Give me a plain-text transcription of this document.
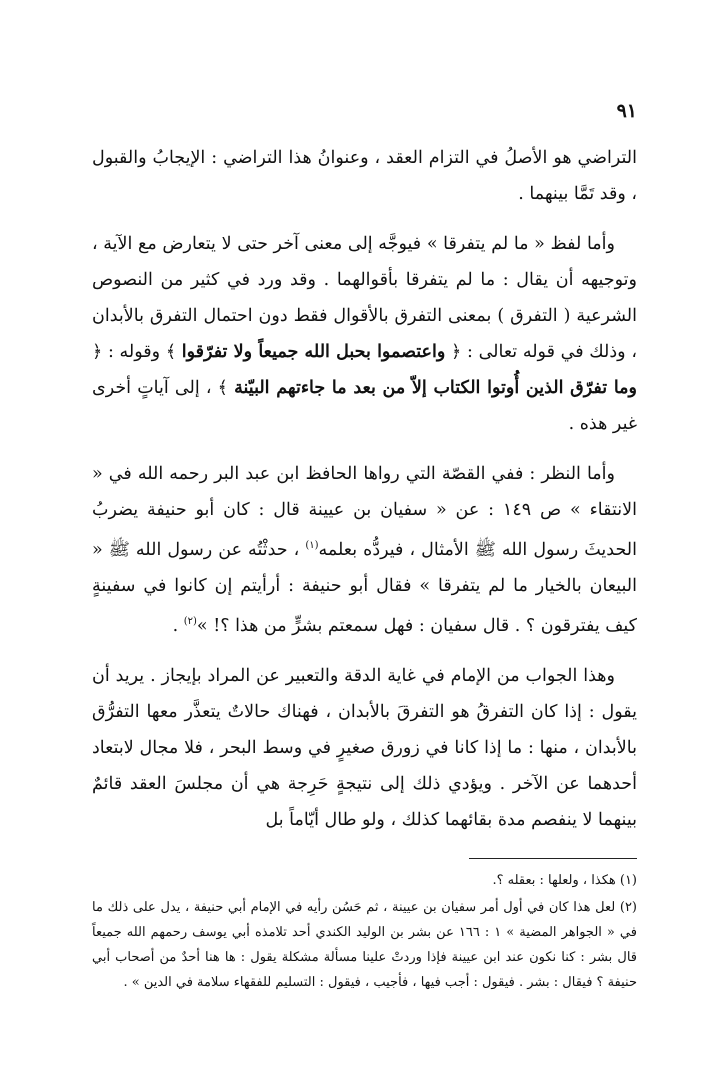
٩١

التراضي هو الأصلُ في التزام العقد ، وعنوانُ هذا التراضي : الإيجابُ والقبول ، وقد تَمَّا بينهما .

وأما لفظ « ما لم يتفرقا » فيوجَّه إلى معنى آخر حتى لا يتعارض مع الآية ، وتوجيهه أن يقال : ما لم يتفرقا بأقوالهما . وقد ورد في كثير من النصوص الشرعية ( التفرق ) بمعنى التفرق بالأقوال فقط دون احتمال التفرق بالأبدان ، وذلك في قوله تعالى : ﴿ واعتصموا بحبل الله جميعاً ولا تفرّقوا ﴾ وقوله : ﴿ وما تفرّق الذين أُوتوا الكتاب إلاّ من بعد ما جاءتهم البيّنة ﴾ ، إلى آياتٍ أخرى غير هذه .

وأما النظر : ففي القصّة التي رواها الحافظ ابن عبد البر رحمه الله في « الانتقاء » ص ١٤٩ : عن « سفيان بن عيينة قال : كان أبو حنيفة يضربُ الحديثَ رسول الله ﷺ الأمثال ، فيردُّه بعلمه$^{(١)}$ ، حدثْتُه عن رسول الله ﷺ « البيعان بالخيار ما لم يتفرقا » فقال أبو حنيفة : أرأيتم إن كانوا في سفينةٍ كيف يفترقون ؟ . قال سفيان : فهل سمعتم بشرٍّ من هذا ؟! »$^{(٢)}$ .

وهذا الجواب من الإمام في غاية الدقة والتعبير عن المراد بإيجاز . يريد أن يقول : إذا كان التفرقُ هو التفرقَ بالأبدان ، فهناك حالاتٌ يتعذَّر معها التفرُّق بالأبدان ، منها : ما إذا كانا في زورق صغيرٍ في وسط البحر ، فلا مجال لابتعاد أحدهما عن الآخر . ويؤدي ذلك إلى نتيجةٍ حَرِجة هي أن مجلسَ العقد قائمٌ بينهما لا ينفصم مدة بقائهما كذلك ، ولو طال أيّاماً بل

(١) هكذا ، ولعلها : بعقله ؟.

(٢) لعل هذا كان في أول أمر سفيان بن عيينة ، ثم حَسُن رأيه في الإمام أبي حنيفة ، يدل على ذلك ما في « الجواهر المضية » ١ : ١٦٦ عن بشر بن الوليد الكندي أحد تلامذه أبي يوسف رحمهم الله جميعاً قال بشر : كنا نكون عند ابن عيينة فإذا وردتْ علينا مسألة مشكلة يقول : ها هنا أحدٌ من أصحاب أبي حنيفة ؟ فيقال : بشر . فيقول : أجب فيها ، فأجيب ، فيقول : التسليم للفقهاء سلامة في الدين » .
